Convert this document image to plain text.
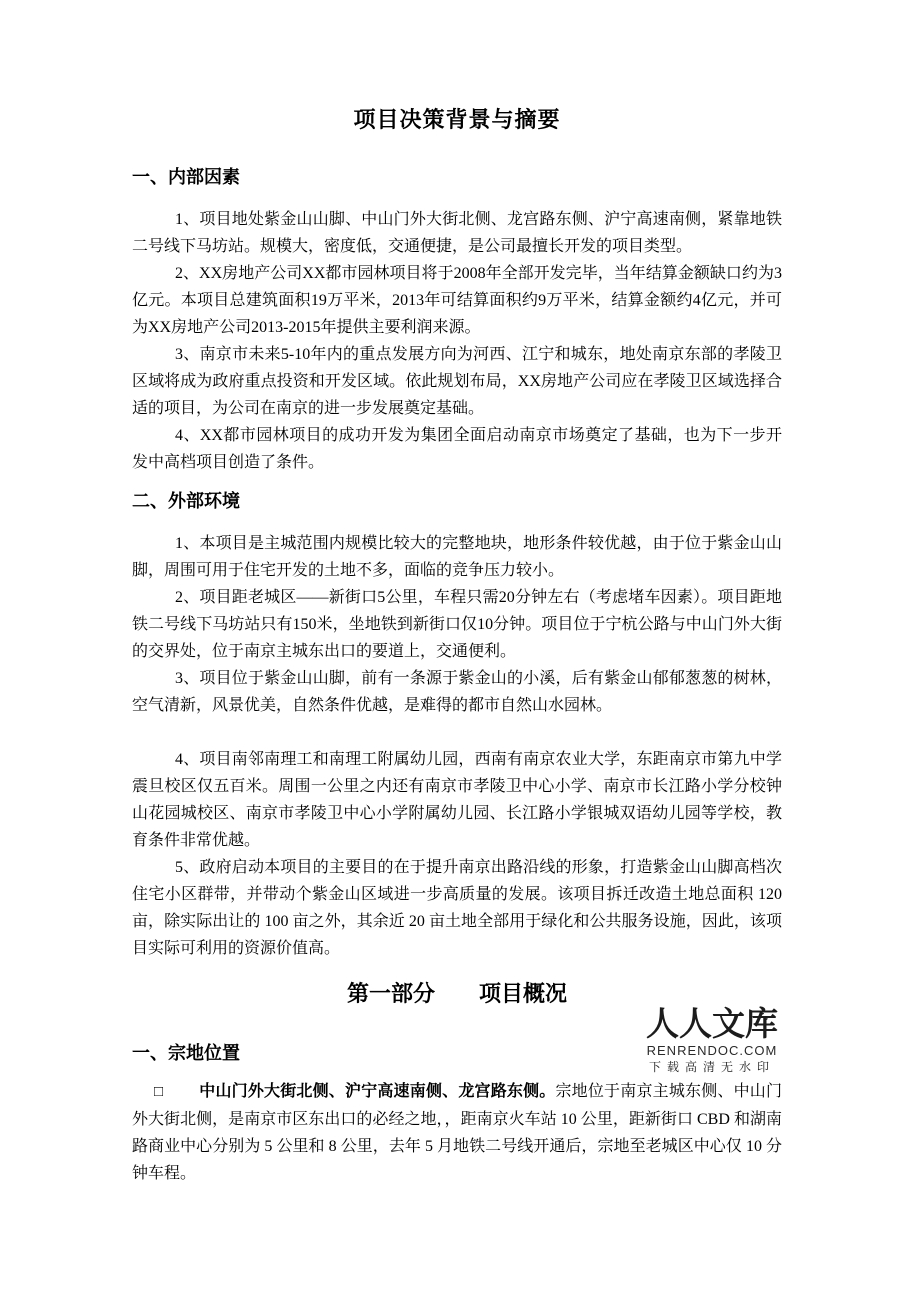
项目决策背景与摘要
一、内部因素

1、项目地处紫金山山脚、中山门外大街北侧、龙宫路东侧、沪宁高速南侧，紧靠地铁二号线下马坊站。规模大，密度低，交通便捷，是公司最擅长开发的项目类型。

2、XX房地产公司XX都市园林项目将于2008年全部开发完毕，当年结算金额缺口约为3亿元。本项目总建筑面积19万平米，2013年可结算面积约9万平米，结算金额约4亿元，并可为XX房地产公司2013-2015年提供主要利润来源。

3、南京市未来5-10年内的重点发展方向为河西、江宁和城东，地处南京东部的孝陵卫区域将成为政府重点投资和开发区域。依此规划布局，XX房地产公司应在孝陵卫区域选择合适的项目，为公司在南京的进一步发展奠定基础。

4、XX都市园林项目的成功开发为集团全面启动南京市场奠定了基础，也为下一步开发中高档项目创造了条件。

二、外部环境

1、本项目是主城范围内规模比较大的完整地块，地形条件较优越，由于位于紫金山山脚，周围可用于住宅开发的土地不多，面临的竞争压力较小。

2、项目距老城区——新街口5公里，车程只需20分钟左右（考虑堵车因素）。项目距地铁二号线下马坊站只有150米，坐地铁到新街口仅10分钟。项目位于宁杭公路与中山门外大街的交界处，位于南京主城东出口的要道上，交通便利。

3、项目位于紫金山山脚，前有一条源于紫金山的小溪，后有紫金山郁郁葱葱的树林，空气清新，风景优美，自然条件优越，是难得的都市自然山水园林。

4、项目南邻南理工和南理工附属幼儿园，西南有南京农业大学，东距南京市第九中学震旦校区仅五百米。周围一公里之内还有南京市孝陵卫中心小学、南京市长江路小学分校钟山花园城校区、南京市孝陵卫中心小学附属幼儿园、长江路小学银城双语幼儿园等学校，教育条件非常优越。

5、政府启动本项目的主要目的在于提升南京出路沿线的形象，打造紫金山山脚高档次住宅小区群带，并带动个紫金山区域进一步高质量的发展。该项目拆迁改造土地总面积 120 亩，除实际出让的 100 亩之外，其余近 20 亩土地全部用于绿化和公共服务设施，因此，该项目实际可利用的资源价值高。

第一部分　　项目概况
一、宗地位置

□ 中山门外大街北侧、沪宁高速南侧、龙宫路东侧。宗地位于南京主城东侧、中山门外大街北侧，是南京市区东出口的必经之地，，距南京火车站 10 公里，距新街口 CBD 和湖南路商业中心分别为 5 公里和 8 公里，去年 5 月地铁二号线开通后，宗地至老城区中心仅 10 分钟车程。

人人文库
RENRENDOC.COM
下载高清无水印
